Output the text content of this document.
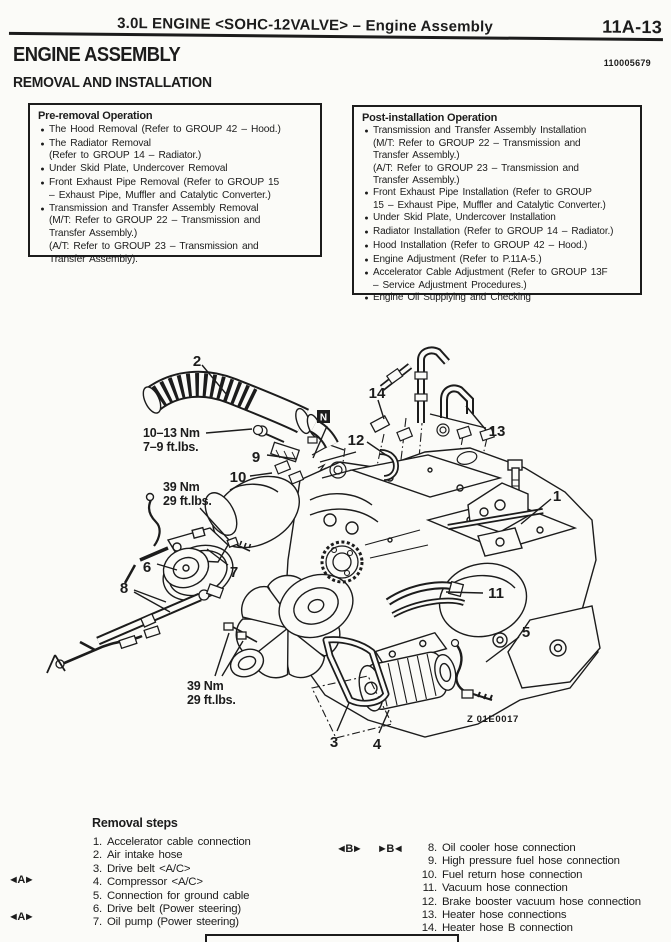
3.0L ENGINE <SOHC-12VALVE> – Engine Assembly	11A-13
ENGINE ASSEMBLY	110005679
REMOVAL AND INSTALLATION
Pre-removal Operation
● The Hood Removal (Refer to GROUP 42 – Hood.)
● The Radiator Removal
(Refer to GROUP 14 – Radiator.)
● Under Skid Plate, Undercover Removal
● Front Exhaust Pipe Removal (Refer to GROUP 15
– Exhaust Pipe, Muffler and Catalytic Converter.)
● Transmission and Transfer Assembly Removal
(M/T: Refer to GROUP 22 – Transmission and
Transfer Assembly.)
(A/T: Refer to GROUP 23 – Transmission and
Transfer Assembly).
Post-installation Operation
● Transmission and Transfer Assembly Installation
(M/T: Refer to GROUP 22 – Transmission and
Transfer Assembly.)
(A/T: Refer to GROUP 23 – Transmission and
Transfer Assembly.)
● Front Exhaust Pipe Installation (Refer to GROUP
15 – Exhaust Pipe, Muffler and Catalytic Converter.)
● Under Skid Plate, Undercover Installation
● Radiator Installation (Refer to GROUP 14 – Radiator.)
● Hood Installation (Refer to GROUP 42 – Hood.)
● Engine Adjustment (Refer to P.11A-5.)
● Accelerator Cable Adjustment (Refer to GROUP 13F
– Service Adjustment Procedures.)
● Engine Oil Supplying and Checking
N
1
2
3 4
5
6	7
8
9
10
11
12
13
14
10–13 Nm
7–9 ft.lbs.
39 Nm
29 ft.lbs.
39 Nm
29 ft.lbs.
Z 01E0017
Removal steps
1. Accelerator cable connection
2. Air intake hose
3. Drive belt <A/C>
4. Compressor <A/C>
5. Connection for ground cable
6. Drive belt (Power steering)
7. Oil pump (Power steering)
8. Oil cooler hose connection
9. High pressure fuel hose connection
10. Fuel return hose connection
11. Vacuum hose connection
12. Brake booster vacuum hose connection
13. Heater hose connections
14. Heater hose B connection
◄A►
◄A►
◄B► ►B◄
